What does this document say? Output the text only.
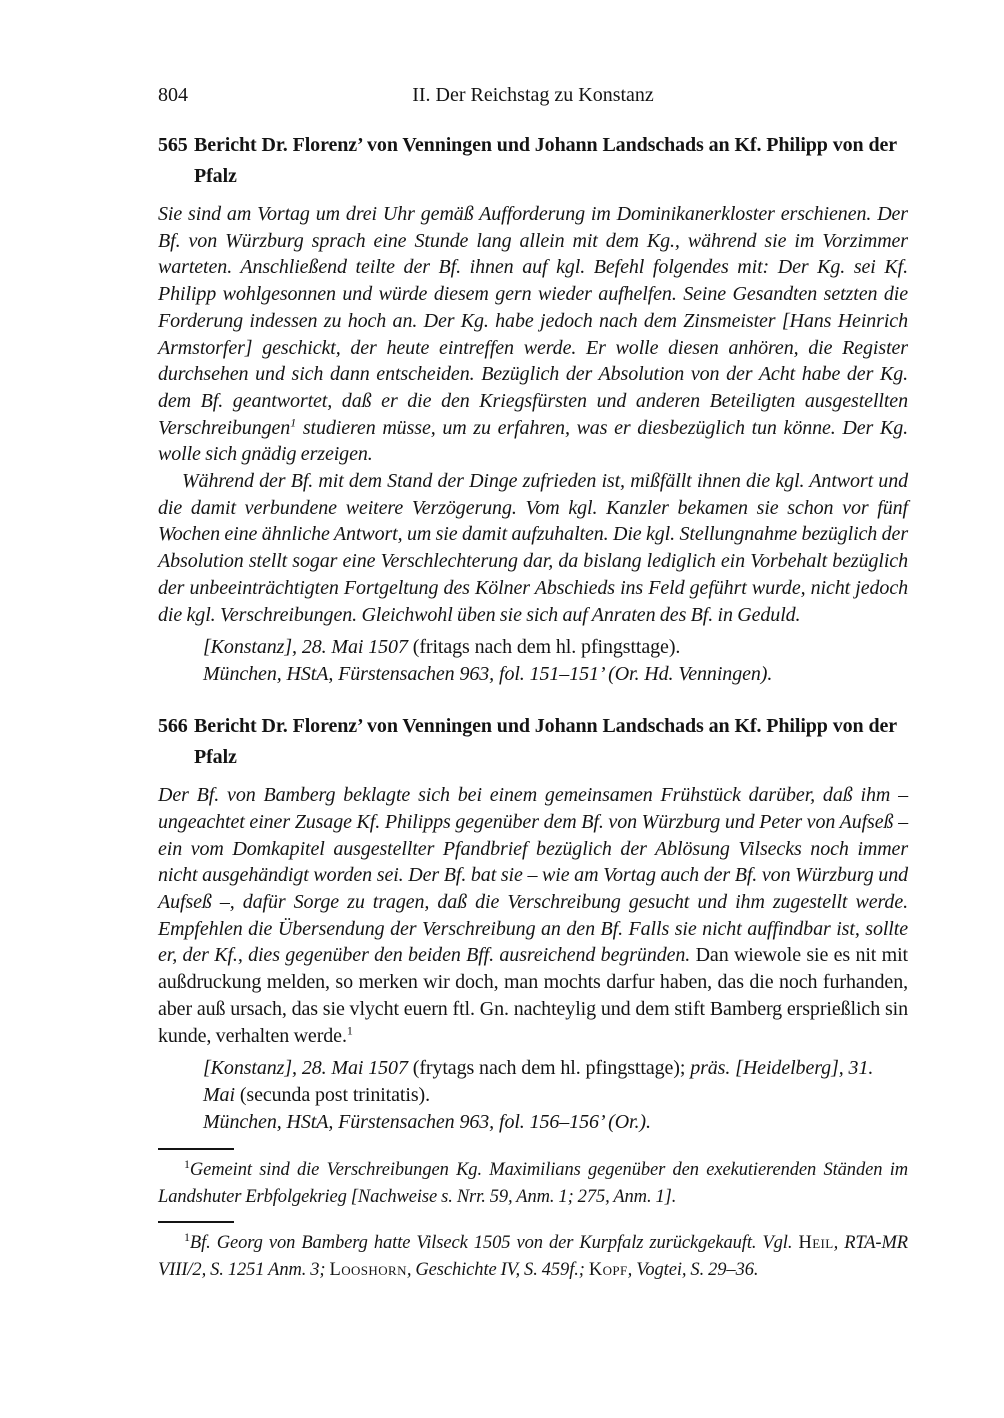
804	II. Der Reichstag zu Konstanz
565 Bericht Dr. Florenz’ von Venningen und Johann Landschads an Kf. Philipp von der Pfalz

Sie sind am Vortag um drei Uhr gemäß Aufforderung im Dominikanerkloster erschienen. Der Bf. von Würzburg sprach eine Stunde lang allein mit dem Kg., während sie im Vorzimmer warteten. Anschließend teilte der Bf. ihnen auf kgl. Befehl folgendes mit: Der Kg. sei Kf. Philipp wohlgesonnen und würde diesem gern wieder aufhelfen. Seine Gesandten setzten die Forderung indessen zu hoch an. Der Kg. habe jedoch nach dem Zinsmeister [Hans Heinrich Armstorfer] geschickt, der heute eintreffen werde. Er wolle diesen anhören, die Register durchsehen und sich dann entscheiden. Bezüglich der Absolution von der Acht habe der Kg. dem Bf. geantwortet, daß er die den Kriegsfürsten und anderen Beteiligten ausgestellten Verschreibungen$^1$ studieren müsse, um zu erfahren, was er diesbezüglich tun könne. Der Kg. wolle sich gnädig erzeigen.

Während der Bf. mit dem Stand der Dinge zufrieden ist, mißfällt ihnen die kgl. Antwort und die damit verbundene weitere Verzögerung. Vom kgl. Kanzler bekamen sie schon vor fünf Wochen eine ähnliche Antwort, um sie damit aufzuhalten. Die kgl. Stellungnahme bezüglich der Absolution stellt sogar eine Verschlechterung dar, da bislang lediglich ein Vorbehalt bezüglich der unbeeinträchtigten Fortgeltung des Kölner Abschieds ins Feld geführt wurde, nicht jedoch die kgl. Verschreibungen. Gleichwohl üben sie sich auf Anraten des Bf. in Geduld.

[Konstanz], 28. Mai 1507 (fritags nach dem hl. pfingsttage).

München, HStA, Fürstensachen 963, fol. 151–151’ (Or. Hd. Venningen).

566 Bericht Dr. Florenz’ von Venningen und Johann Landschads an Kf. Philipp von der Pfalz

Der Bf. von Bamberg beklagte sich bei einem gemeinsamen Frühstück darüber, daß ihm – ungeachtet einer Zusage Kf. Philipps gegenüber dem Bf. von Würzburg und Peter von Aufseß – ein vom Domkapitel ausgestellter Pfandbrief bezüglich der Ablösung Vilsecks noch immer nicht ausgehändigt worden sei. Der Bf. bat sie – wie am Vortag auch der Bf. von Würzburg und Aufseß –, dafür Sorge zu tragen, daß die Verschreibung gesucht und ihm zugestellt werde. Empfehlen die Übersendung der Verschreibung an den Bf. Falls sie nicht auffindbar ist, sollte er, der Kf., dies gegenüber den beiden Bff. ausreichend begründen. Dan wiewole sie es nit mit außdruckung melden, so merken wir doch, man mochts darfur haben, das die noch furhanden, aber auß ursach, das sie vlycht euern ftl. Gn. nachteylig und dem stift Bamberg ersprießlich sin kunde, verhalten werde.$^1$

[Konstanz], 28. Mai 1507 (frytags nach dem hl. pfingsttage); präs. [Heidelberg], 31. Mai (secunda post trinitatis).

München, HStA, Fürstensachen 963, fol. 156–156’ (Or.).

$^1$Gemeint sind die Verschreibungen Kg. Maximilians gegenüber den exekutierenden Ständen im Landshuter Erbfolgekrieg [Nachweise s. Nrr. 59, Anm. 1; 275, Anm. 1].

$^1$Bf. Georg von Bamberg hatte Vilseck 1505 von der Kurpfalz zurückgekauft. Vgl. Heil, RTA-MR VIII/2, S. 1251 Anm. 3; Looshorn, Geschichte IV, S. 459f.; Kopf, Vogtei, S. 29–36.
